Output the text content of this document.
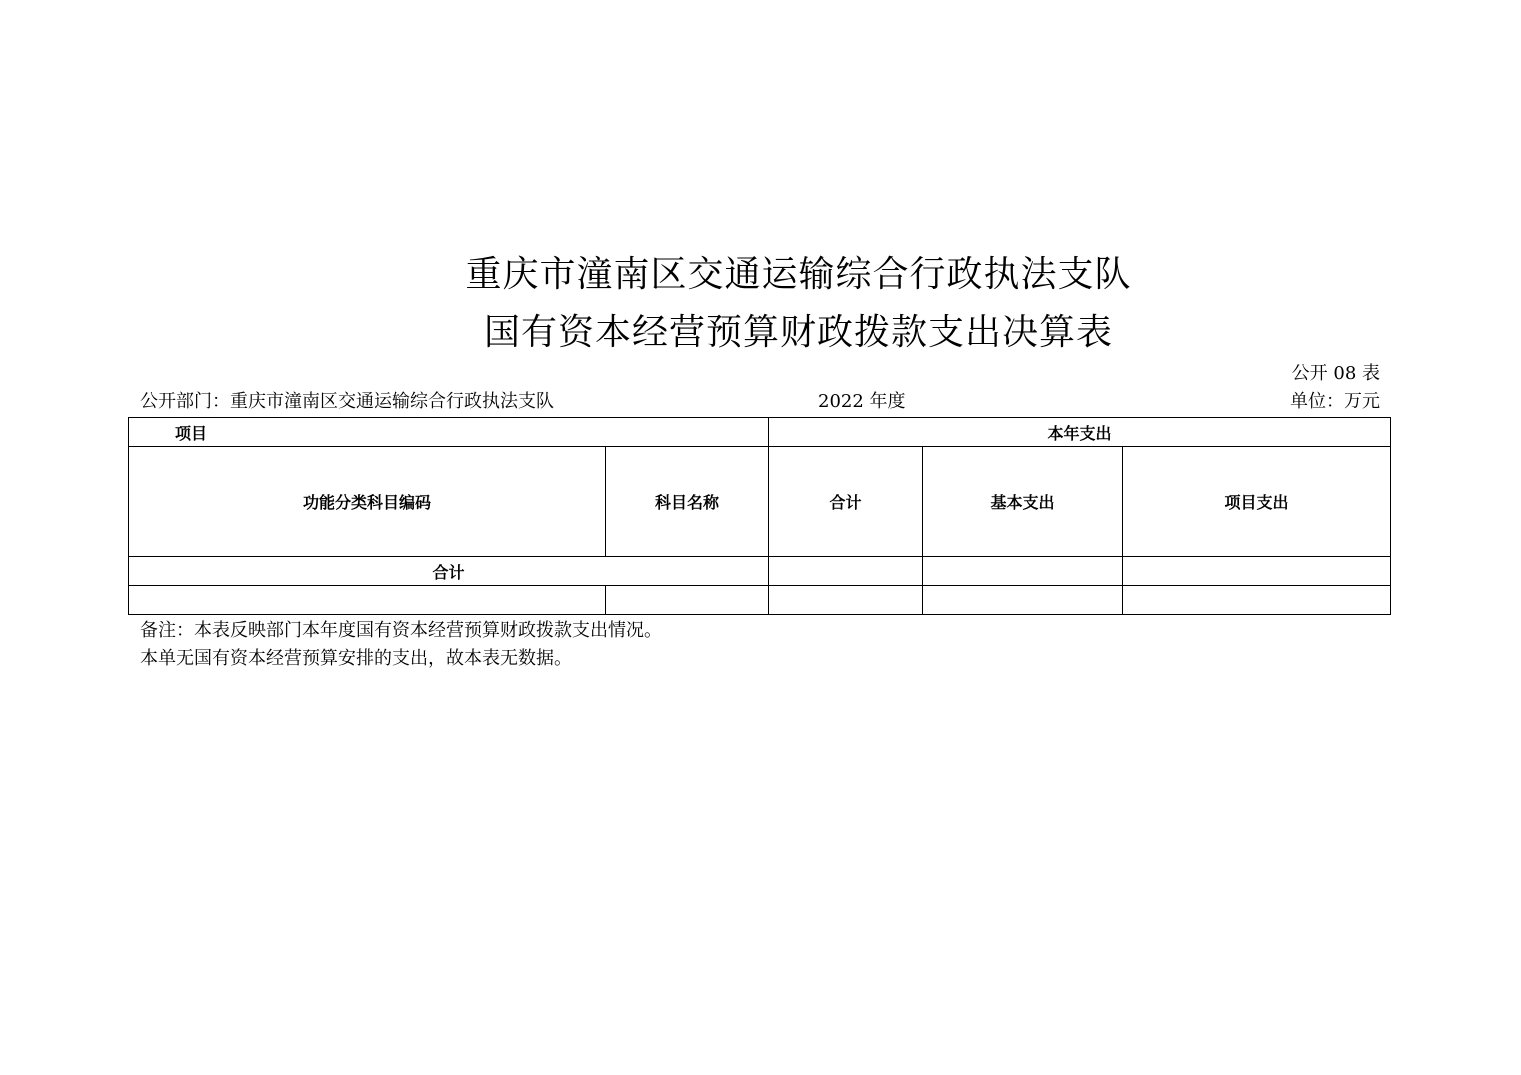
重庆市潼南区交通运输综合行政执法支队
国有资本经营预算财政拨款支出决算表
公开 08 表
公开部门：重庆市潼南区交通运输综合行政执法支队	2022 年度	单位：万元
项目		本年支出		
功能分类科目编码	科目名称	合计	基本支出	项目支出
合计				

备注：本表反映部门本年度国有资本经营预算财政拨款支出情况。
本单无国有资本经营预算安排的支出，故本表无数据。
